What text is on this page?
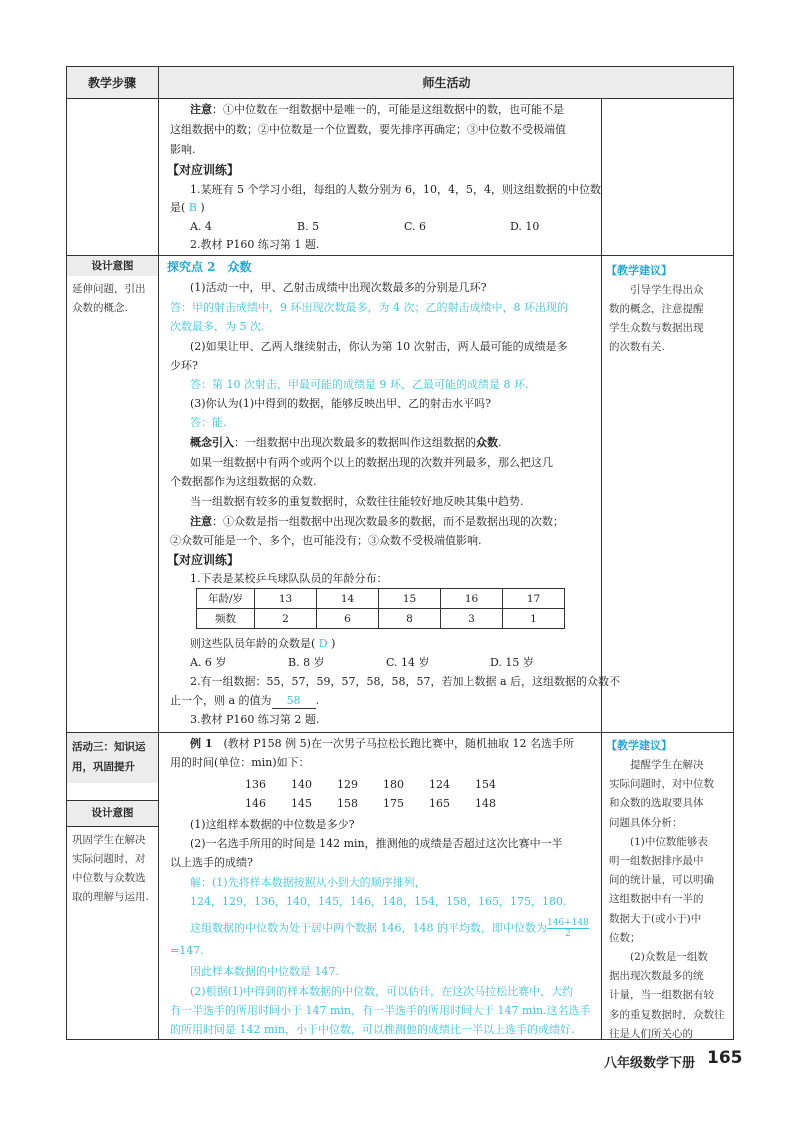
教学步骤	师生活动
注意：①中位数在一组数据中是唯一的，可能是这组数据中的数，也可能不是
这组数据中的数；②中位数是一个位置数，要先排序再确定；③中位数不受极端值
影响.
【对应训练】
1.某班有 5 个学习小组，每组的人数分别为 6，10，4，5，4，则这组数据的中位数
是( B )
A. 4	B. 5	C. 6	D. 10
2.教材 P160 练习第 1 题.
设计意图
延伸问题，引出
众数的概念.
探究点 2　众数
(1)活动一中，甲、乙射击成绩中出现次数最多的分别是几环?
答：甲的射击成绩中，9 环出现次数最多，为 4 次；乙的射击成绩中，8 环出现的
次数最多，为 5 次.
(2)如果让甲、乙两人继续射击，你认为第 10 次射击，两人最可能的成绩是多
少环?
答：第 10 次射击，甲最可能的成绩是 9 环，乙最可能的成绩是 8 环.
(3)你认为(1)中得到的数据，能够反映出甲、乙的射击水平吗?
答：能.
概念引入：一组数据中出现次数最多的数据叫作这组数据的众数.
如果一组数据中有两个或两个以上的数据出现的次数并列最多，那么把这几
个数据都作为这组数据的众数.
当一组数据有较多的重复数据时，众数往往能较好地反映其集中趋势.
注意：①众数是指一组数据中出现次数最多的数据，而不是数据出现的次数；
②众数可能是一个、多个，也可能没有；③众数不受极端值影响.
【对应训练】
1.下表是某校乒乓球队队员的年龄分布：
年龄/岁	13	14	15	16	17
频数	2	6	8	3	1
则这些队员年龄的众数是( D )
A. 6 岁	B. 8 岁	C. 14 岁	D. 15 岁
2.有一组数据：55，57，59，57，58，58，57，若加上数据 a 后，这组数据的众数不
止一个，则 a 的值为 58 .
3.教材 P160 练习第 2 题.
【教学建议】
　　引导学生得出众
数的概念，注意提醒
学生众数与数据出现
的次数有关.
活动三：知识运
用，巩固提升
设计意图
巩固学生在解决
实际问题时，对
中位数与众数选
取的理解与运用.
例 1　(教材 P158 例 5)在一次男子马拉松长跑比赛中，随机抽取 12 名选手所
用的时间(单位：min)如下：
136 140 129 180 124 154
146 145 158 175 165 148
(1)这组样本数据的中位数是多少?
(2)一名选手所用的时间是 142 min，推测他的成绩是否超过这次比赛中一半
以上选手的成绩?
解：(1)先将样本数据按照从小到大的顺序排列，
124，129，136，140，145，146，148，154，158，165，175，180.
这组数据的中位数为处于居中两个数据 146，148 的平均数，即中位数为 $\frac{146+148}{2}$
=147.
因此样本数据的中位数是 147.
(2)根据(1)中得到的样本数据的中位数，可以估计，在这次马拉松比赛中，大约
有一半选手的所用时间小于 147 min，有一半选手的所用时间大于 147 min.这名选手
的所用时间是 142 min，小于中位数，可以推测他的成绩比一半以上选手的成绩好.
【教学建议】
　　提醒学生在解决
实际问题时，对中位数
和众数的选取要具体
问题具体分析：
　　(1)中位数能够表
明一组数据排序最中
间的统计量，可以明确
这组数据中有一半的
数据大于(或小于)中
位数；
　　(2)众数是一组数
据出现次数最多的统
计量，当一组数据有较
多的重复数据时，众数往往是人们所关心的
八年级数学下册 165
